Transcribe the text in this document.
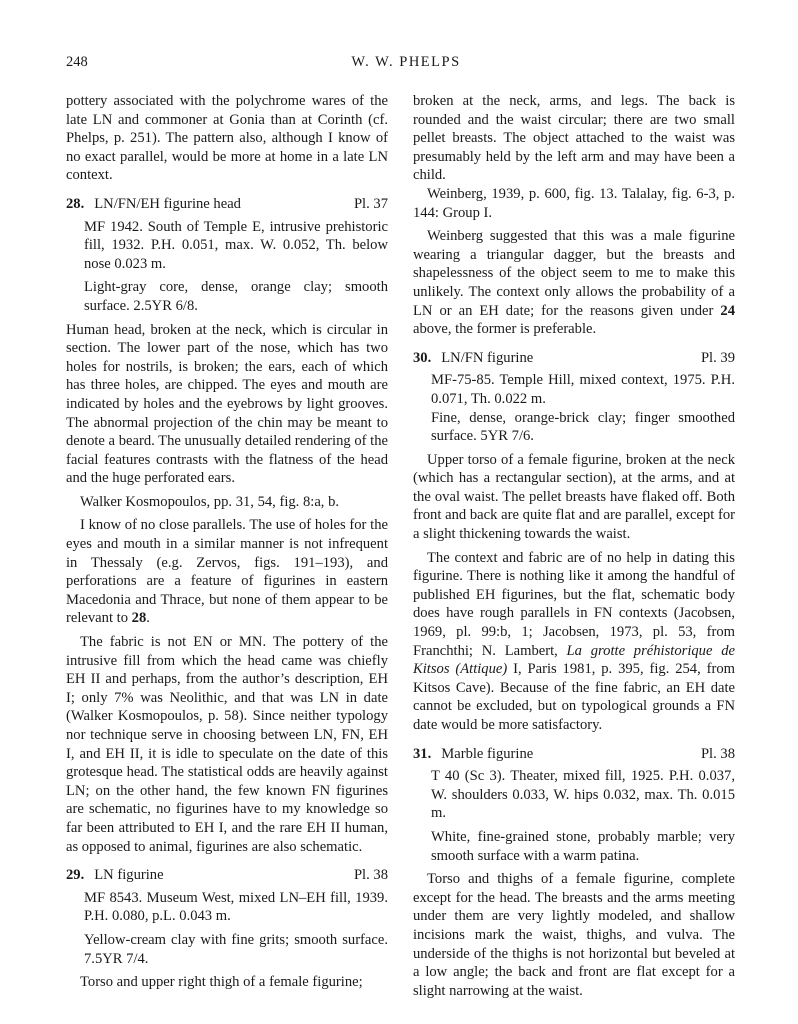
248	W. W. PHELPS

pottery associated with the polychrome wares of the late LN and commoner at Gonia than at Corinth (cf. Phelps, p. 251). The pattern also, although I know of no exact parallel, would be more at home in a late LN context.

28. LN/FN/EH figurine head	Pl. 37

MF 1942. South of Temple E, intrusive prehistoric fill, 1932. P.H. 0.051, max. W. 0.052, Th. below nose 0.023 m.

Light-gray core, dense, orange clay; smooth surface. 2.5YR 6/8.

Human head, broken at the neck, which is circular in section. The lower part of the nose, which has two holes for nostrils, is broken; the ears, each of which has three holes, are chipped. The eyes and mouth are indicated by holes and the eyebrows by light grooves. The abnormal projection of the chin may be meant to denote a beard. The unusually detailed rendering of the facial features contrasts with the flatness of the head and the huge perforated ears.

Walker Kosmopoulos, pp. 31, 54, fig. 8:a, b.

I know of no close parallels. The use of holes for the eyes and mouth in a similar manner is not infrequent in Thessaly (e.g. Zervos, figs. 191–193), and perforations are a feature of figurines in eastern Macedonia and Thrace, but none of them appear to be relevant to 28.

The fabric is not EN or MN. The pottery of the intrusive fill from which the head came was chiefly EH II and perhaps, from the author’s description, EH I; only 7% was Neolithic, and that was LN in date (Walker Kosmopoulos, p. 58). Since neither typology nor technique serve in choosing between LN, FN, EH I, and EH II, it is idle to speculate on the date of this grotesque head. The statistical odds are heavily against LN; on the other hand, the few known FN figurines are schematic, no figurines have to my knowledge so far been attributed to EH I, and the rare EH II human, as opposed to animal, figurines are also schematic.

29. LN figurine	Pl. 38

MF 8543. Museum West, mixed LN–EH fill, 1939. P.H. 0.080, p.L. 0.043 m.

Yellow-cream clay with fine grits; smooth surface. 7.5YR 7/4.

Torso and upper right thigh of a female figurine;

broken at the neck, arms, and legs. The back is rounded and the waist circular; there are two small pellet breasts. The object attached to the waist was presumably held by the left arm and may have been a child.

Weinberg, 1939, p. 600, fig. 13. Talalay, fig. 6-3, p. 144: Group I.

Weinberg suggested that this was a male figurine wearing a triangular dagger, but the breasts and shapelessness of the object seem to me to make this unlikely. The context only allows the probability of a LN or an EH date; for the reasons given under 24 above, the former is preferable.

30. LN/FN figurine	Pl. 39

MF-75-85. Temple Hill, mixed context, 1975. P.H. 0.071, Th. 0.022 m.

Fine, dense, orange-brick clay; finger smoothed surface. 5YR 7/6.

Upper torso of a female figurine, broken at the neck (which has a rectangular section), at the arms, and at the oval waist. The pellet breasts have flaked off. Both front and back are quite flat and are parallel, except for a slight thickening towards the waist.

The context and fabric are of no help in dating this figurine. There is nothing like it among the handful of published EH figurines, but the flat, schematic body does have rough parallels in FN contexts (Jacobsen, 1969, pl. 99:b, 1; Jacobsen, 1973, pl. 53, from Franchthi; N. Lambert, La grotte préhistorique de Kitsos (Attique) I, Paris 1981, p. 395, fig. 254, from Kitsos Cave). Because of the fine fabric, an EH date cannot be excluded, but on typological grounds a FN date would be more satisfactory.

31. Marble figurine	Pl. 38

T 40 (Sc 3). Theater, mixed fill, 1925. P.H. 0.037, W. shoulders 0.033, W. hips 0.032, max. Th. 0.015 m.

White, fine-grained stone, probably marble; very smooth surface with a warm patina.

Torso and thighs of a female figurine, complete except for the head. The breasts and the arms meeting under them are very lightly modeled, and shallow incisions mark the waist, thighs, and vulva. The underside of the thighs is not horizontal but beveled at a low angle; the back and front are flat except for a slight narrowing at the waist.
